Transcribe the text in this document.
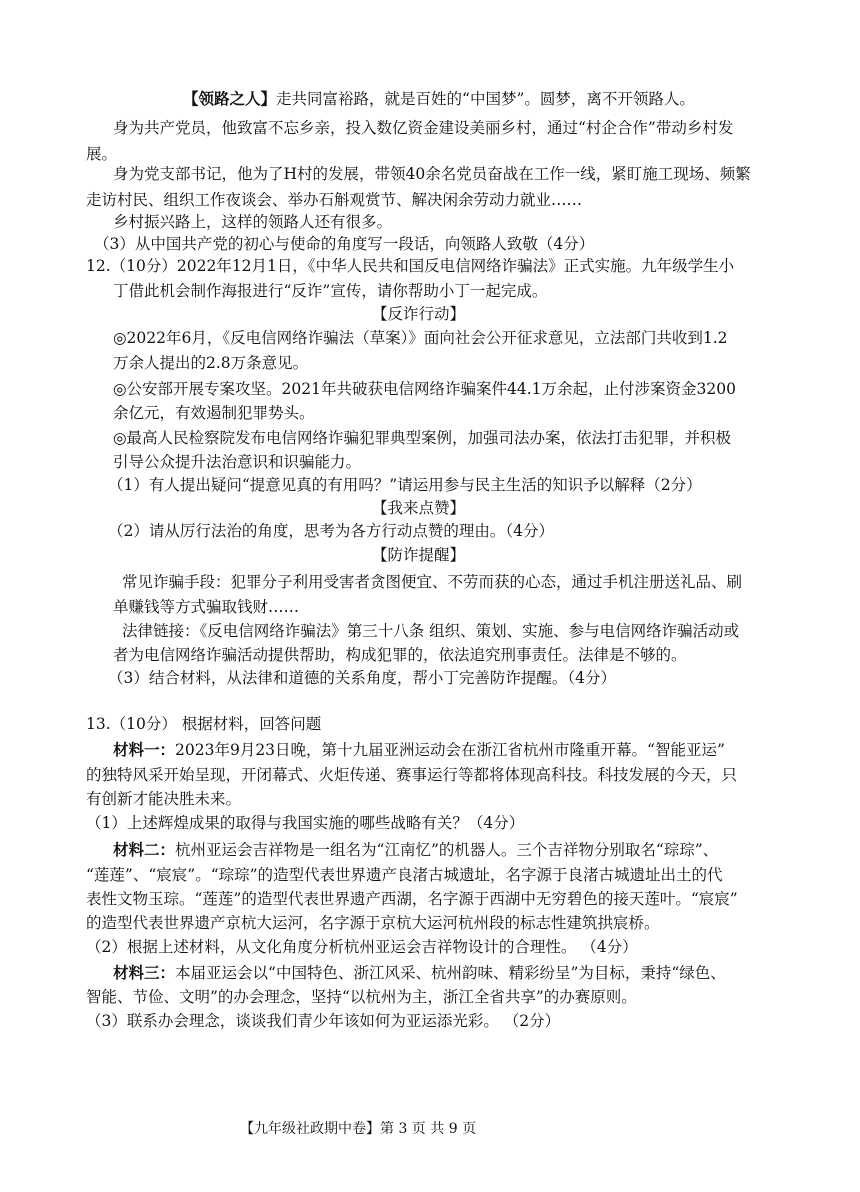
【领路之人】走共同富裕路，就是百姓的“中国梦”。圆梦，离不开领路人。
身为共产党员，他致富不忘乡亲，投入数亿资金建设美丽乡村，通过“村企合作”带动乡村发
展。
身为党支部书记，他为了H村的发展，带领40余名党员奋战在工作一线，紧盯施工现场、频繁
走访村民、组织工作夜谈会、举办石斛观赏节、解决闲余劳动力就业……
乡村振兴路上，这样的领路人还有很多。
（3）从中国共产党的初心与使命的角度写一段话，向领路人致敬（4分）
12.（10分）2022年12月1日，《中华人民共和国反电信网络诈骗法》正式实施。九年级学生小
丁借此机会制作海报进行“反诈”宣传，请你帮助小丁一起完成。
【反诈行动】
◎2022年6月，《反电信网络诈骗法（草案）》面向社会公开征求意见，立法部门共收到1.2
万余人提出的2.8万条意见。
◎公安部开展专案攻坚。2021年共破获电信网络诈骗案件44.1万余起，止付涉案资金3200
余亿元，有效遏制犯罪势头。
◎最高人民检察院发布电信网络诈骗犯罪典型案例，加强司法办案，依法打击犯罪，并积极
引导公众提升法治意识和识骗能力。
（1）有人提出疑问“提意见真的有用吗？”请运用参与民主生活的知识予以解释（2分）
【我来点赞】
（2）请从厉行法治的角度，思考为各方行动点赞的理由。（4分）
【防诈提醒】
常见诈骗手段：犯罪分子利用受害者贪图便宜、不劳而获的心态，通过手机注册送礼品、刷
单赚钱等方式骗取钱财……
法律链接：《反电信网络诈骗法》第三十八条 组织、策划、实施、参与电信网络诈骗活动或
者为电信网络诈骗活动提供帮助，构成犯罪的，依法追究刑事责任。法律是不够的。
（3）结合材料，从法律和道德的关系角度，帮小丁完善防诈提醒。（4分）
13.（10分） 根据材料，回答问题
材料一：2023年9月23日晚，第十九届亚洲运动会在浙江省杭州市隆重开幕。“智能亚运”
的独特风采开始呈现，开闭幕式、火炬传递、赛事运行等都将体现高科技。科技发展的今天，只
有创新才能决胜未来。
（1）上述辉煌成果的取得与我国实施的哪些战略有关？（4分）
材料二：杭州亚运会吉祥物是一组名为“江南忆”的机器人。三个吉祥物分别取名“琮琮”、
“莲莲”、“宸宸”。“琮琮”的造型代表世界遗产良渚古城遗址，名字源于良渚古城遗址出土的代
表性文物玉琮。“莲莲”的造型代表世界遗产西湖，名字源于西湖中无穷碧色的接天莲叶。“宸宸”
的造型代表世界遗产京杭大运河，名字源于京杭大运河杭州段的标志性建筑拱宸桥。
（2）根据上述材料，从文化角度分析杭州亚运会吉祥物设计的合理性。 （4分）
材料三：本届亚运会以“中国特色、浙江风采、杭州韵味、精彩纷呈”为目标，秉持“绿色、
智能、节俭、文明”的办会理念，坚持“以杭州为主，浙江全省共享”的办赛原则。
（3）联系办会理念，谈谈我们青少年该如何为亚运添光彩。 （2分）
【九年级社政期中卷】第 3 页 共 9 页
